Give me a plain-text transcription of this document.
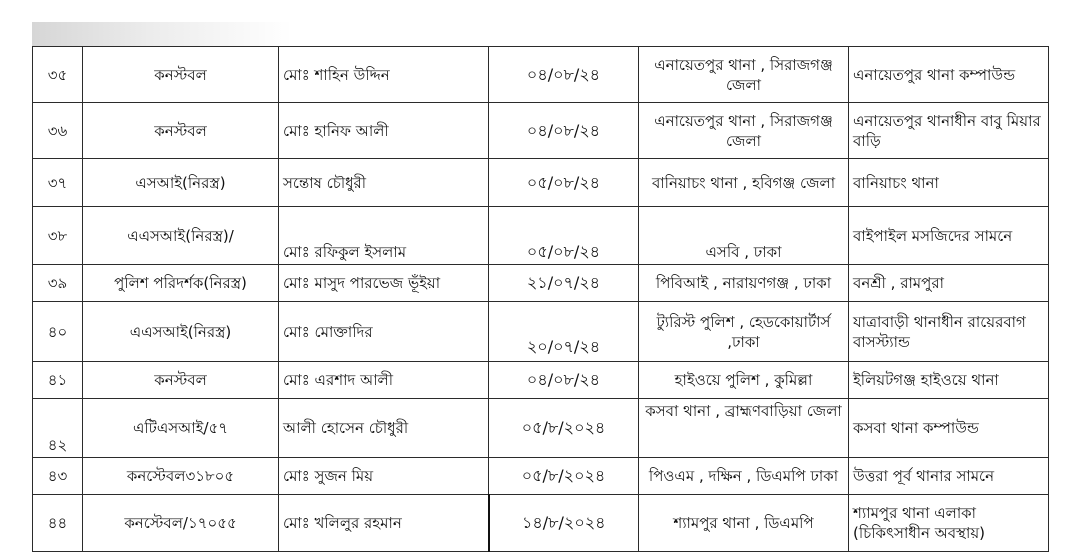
৩৫	কনস্টবল	মোঃ শাহিন উদ্দিন	০৪/০৮/২৪	এনায়েতপুর থানা , সিরাজগঞ্জ জেলা	এনায়েতপুর থানা কম্পাউন্ড
৩৬	কনস্টবল	মোঃ হানিফ আলী	০৪/০৮/২৪	এনায়েতপুর থানা , সিরাজগঞ্জ জেলা	এনায়েতপুর থানাধীন বাবু মিয়ার বাড়ি
৩৭	এসআই(নিরস্ত্র)	সন্তোষ চৌধুরী	০৫/০৮/২৪	বানিয়াচং থানা , হবিগঞ্জ জেলা	বানিয়াচং থানা
৩৮	এএসআই(নিরস্ত্র)/	মোঃ রফিকুল ইসলাম	০৫/০৮/২৪	এসবি , ঢাকা	বাইপাইল মসজিদের সামনে
৩৯	পুলিশ পরিদর্শক(নিরস্ত্র)	মোঃ মাসুদ পারভেজ ভূঁইয়া	২১/০৭/২৪	পিবিআই , নারায়ণগঞ্জ , ঢাকা	বনশ্রী , রামপুরা
৪০	এএসআই(নিরস্ত্র)	মোঃ মোক্তাদির	২০/০৭/২৪	ট্যুরিস্ট পুলিশ , হেডকোয়ার্টার্স ,ঢাকা	যাত্রাবাড়ী থানাধীন রায়েরবাগ বাসস্ট্যান্ড
৪১	কনস্টবল	মোঃ এরশাদ আলী	০৪/০৮/২৪	হাইওয়ে পুলিশ , কুমিল্লা	ইলিয়টগঞ্জ হাইওয়ে থানা
৪২	এটিএসআই/৫৭	আলী হোসেন চৌধুরী	০৫/৮/২০২৪	কসবা থানা , ব্রাহ্মণবাড়িয়া জেলা	কসবা থানা কম্পাউন্ড
৪৩	কনস্টেবল৩১৮০৫	মোঃ সুজন মিয়	০৫/৮/২০২৪	পিওএম , দক্ষিন , ডিএমপি ঢাকা	উত্তরা পূর্ব থানার সামনে
৪৪	কনস্টেবল/১৭০৫৫	মোঃ খলিলুর রহমান	১৪/৮/২০২৪	শ্যামপুর থানা , ডিএমপি	শ্যামপুর থানা এলাকা (চিকিৎসাধীন অবস্থায়)
